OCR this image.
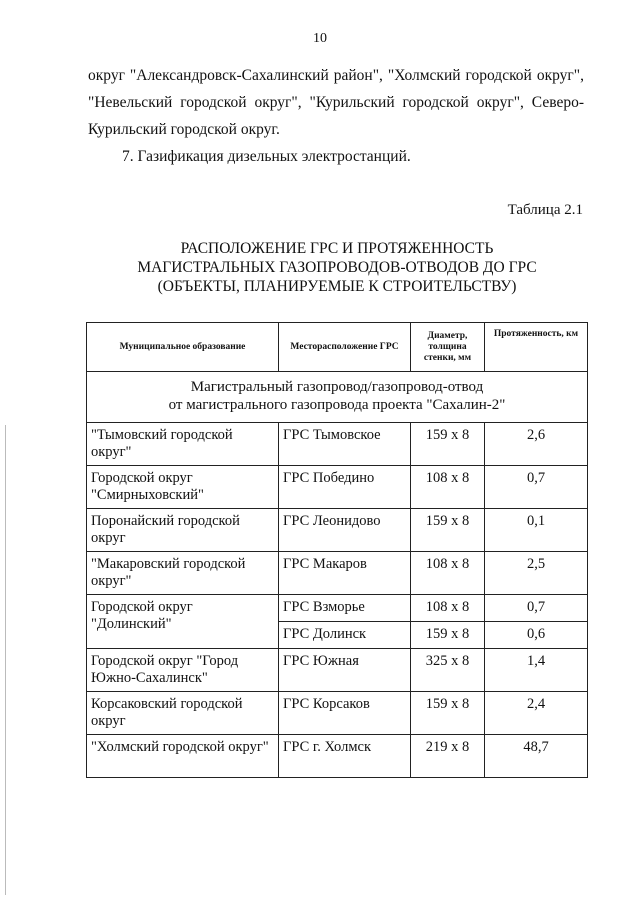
10
округ "Александровск-Сахалинский район", "Холмский городской округ",
"Невельский городской округ", "Курильский городской округ", Северо-
Курильский городской округ.
7. Газификация дизельных электростанций.
Таблица 2.1
РАСПОЛОЖЕНИЕ ГРС И ПРОТЯЖЕННОСТЬ
МАГИСТРАЛЬНЫХ ГАЗОПРОВОДОВ-ОТВОДОВ ДО ГРС
(ОБЪЕКТЫ, ПЛАНИРУЕМЫЕ К СТРОИТЕЛЬСТВУ)
Муниципальное образование	Месторасположение ГРС	Диаметр, толщина стенки, мм	Протяженность, км

Магистральный газопровод/газопровод-отвод
от магистрального газопровода проекта "Сахалин-2"			

"Тымовский городской округ"	ГРС Тымовское	159 х 8	2,6
Городской округ "Смирныховский"	ГРС Победино	108 х 8	0,7
Поронайский городской округ	ГРС Леонидово	159 х 8	0,1
"Макаровский городской округ"	ГРС Макаров	108 х 8	2,5
Городской округ "Долинский"	ГРС Взморье	108 х 8	0,7
	ГРС Долинск	159 х 8	0,6
Городской округ "Город Южно-Сахалинск"	ГРС Южная	325 х 8	1,4
Корсаковский городской округ	ГРС Корсаков	159 х 8	2,4
"Холмский городской округ"	ГРС г. Холмск	219 х 8	48,7
